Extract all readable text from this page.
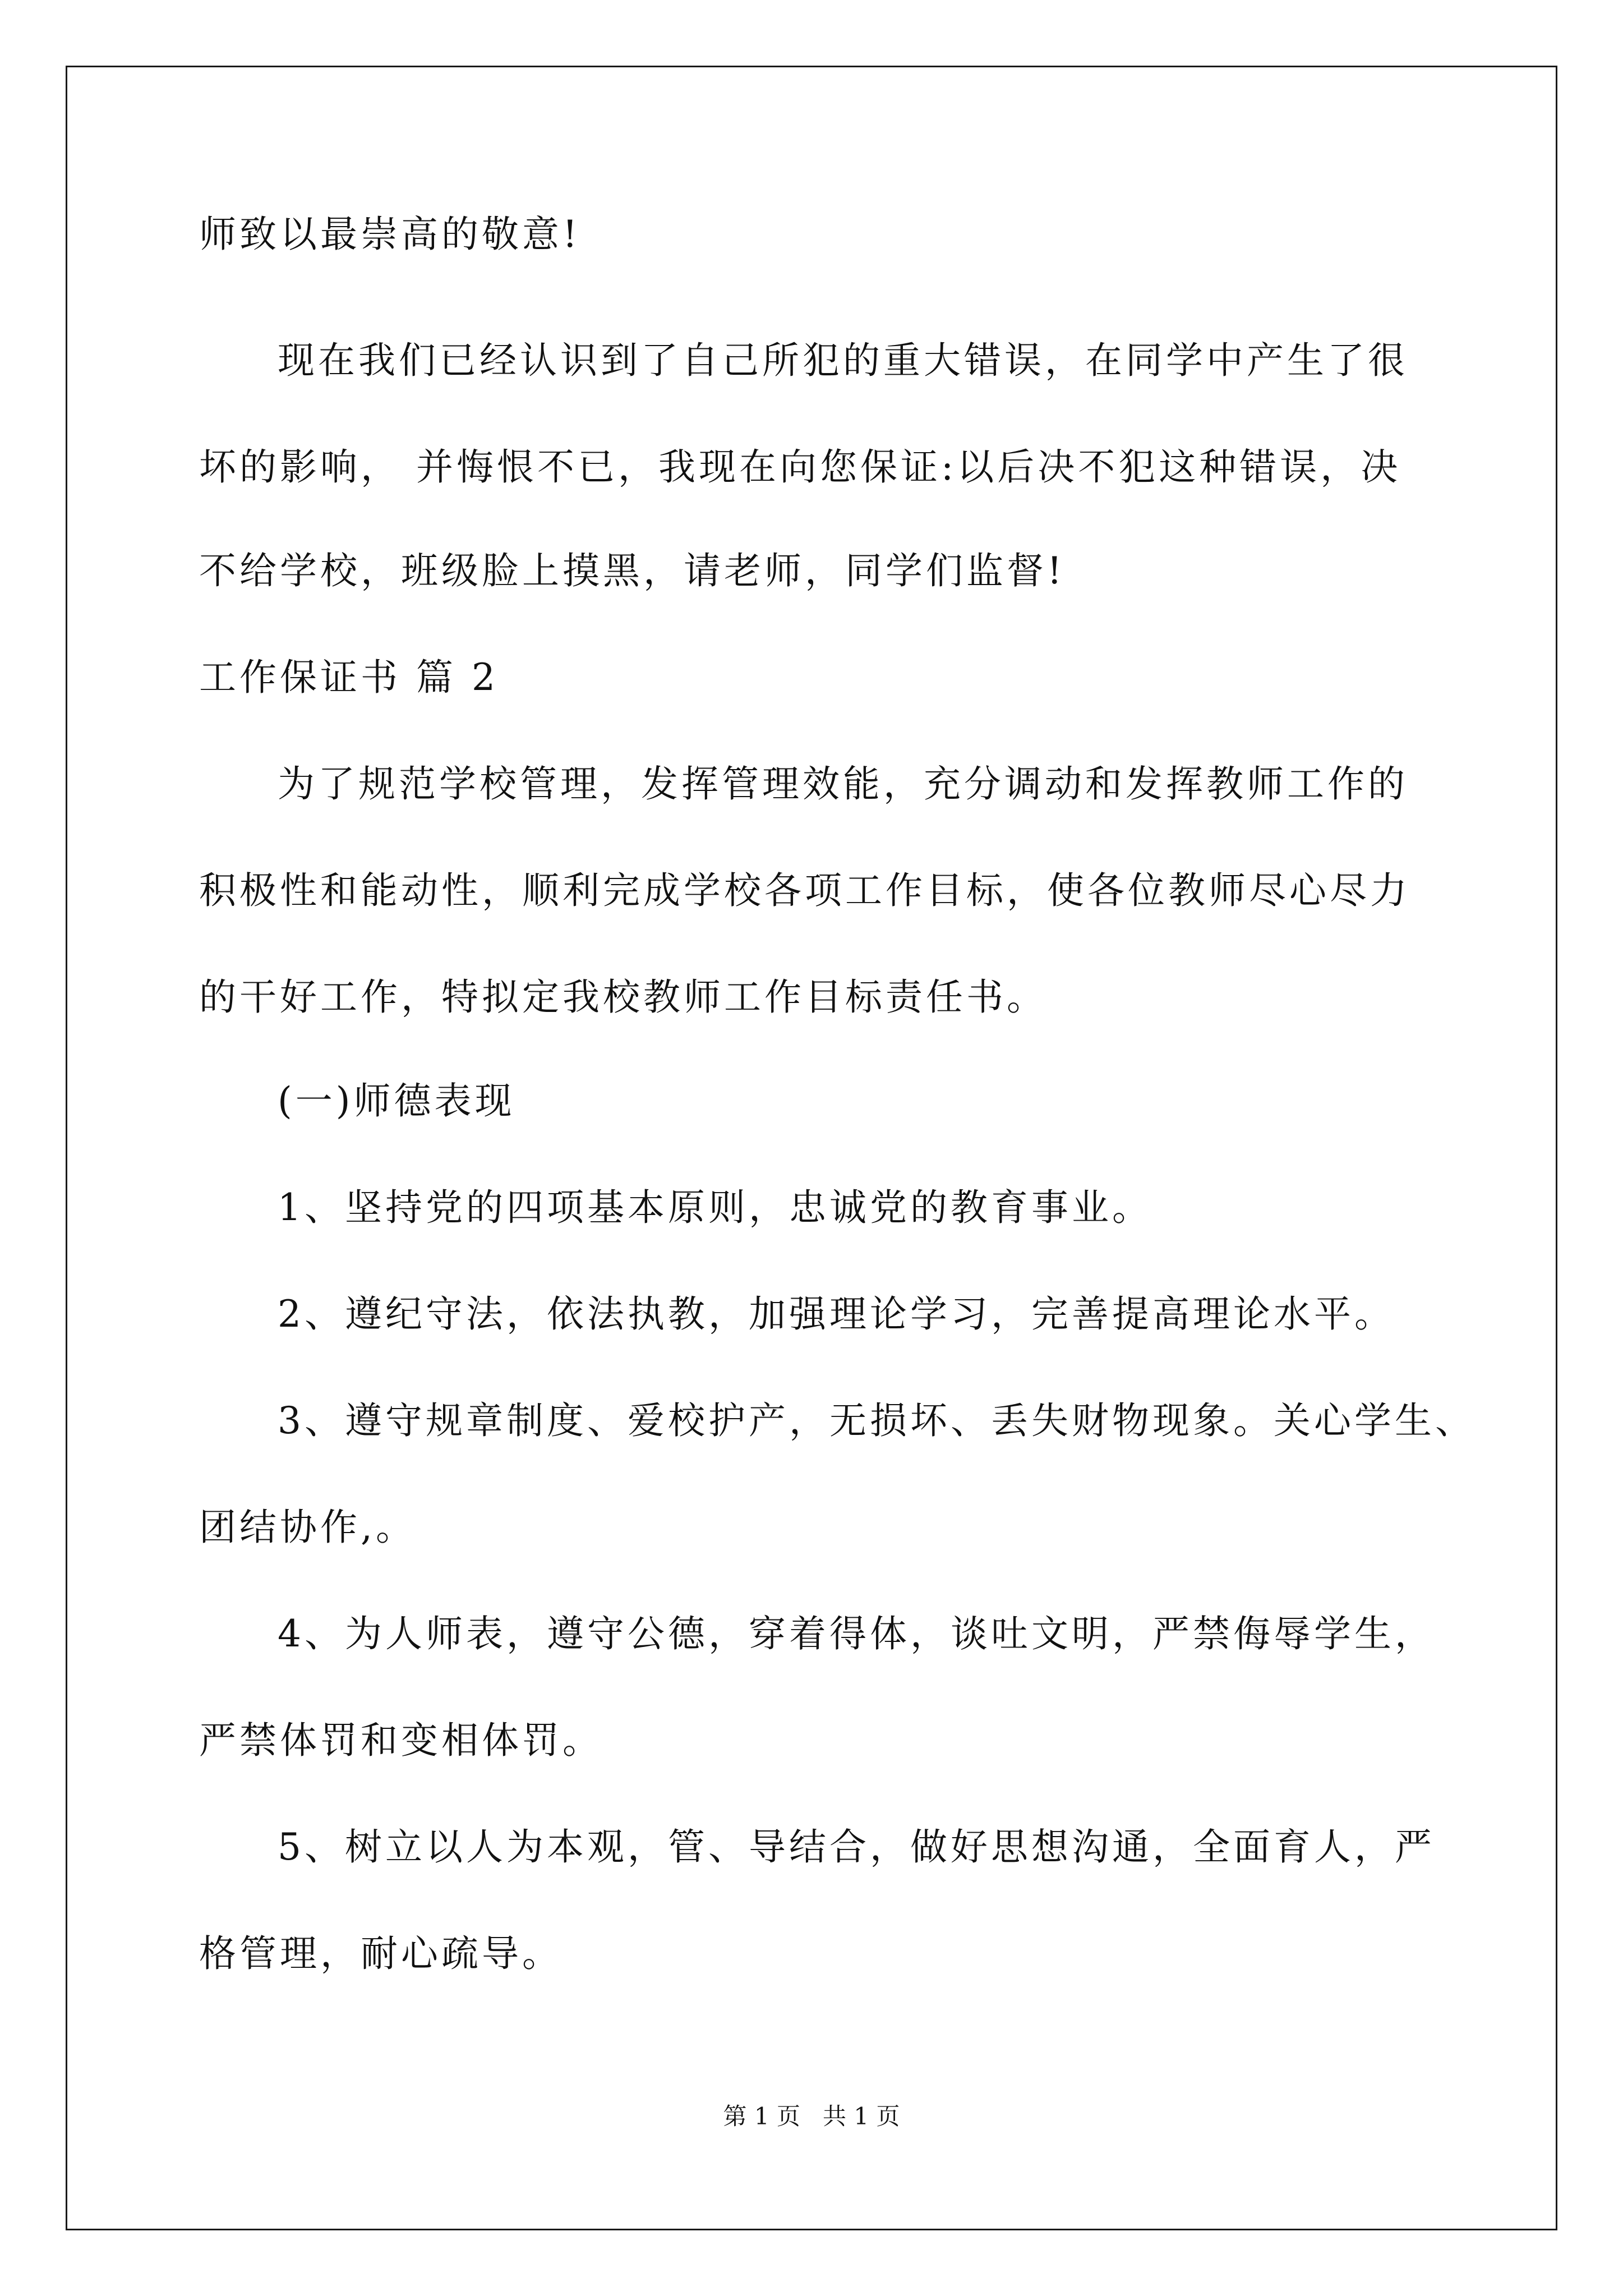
师致以最崇高的敬意!
现在我们已经认识到了自己所犯的重大错误，在同学中产生了很
坏的影响， 并悔恨不已，我现在向您保证:以后决不犯这种错误，决
不给学校，班级脸上摸黑，请老师，同学们监督!
工作保证书 篇 2
为了规范学校管理，发挥管理效能，充分调动和发挥教师工作的
积极性和能动性，顺利完成学校各项工作目标，使各位教师尽心尽力
的干好工作，特拟定我校教师工作目标责任书。
(一)师德表现
1、坚持党的四项基本原则，忠诚党的教育事业。
2、遵纪守法，依法执教，加强理论学习，完善提高理论水平。
3、遵守规章制度、爱校护产，无损坏、丢失财物现象。关心学生、
团结协作,。
4、为人师表，遵守公德，穿着得体，谈吐文明，严禁侮辱学生，
严禁体罚和变相体罚。
5、树立以人为本观，管、导结合，做好思想沟通，全面育人，严
格管理，耐心疏导。
第 1 页   共 1 页
